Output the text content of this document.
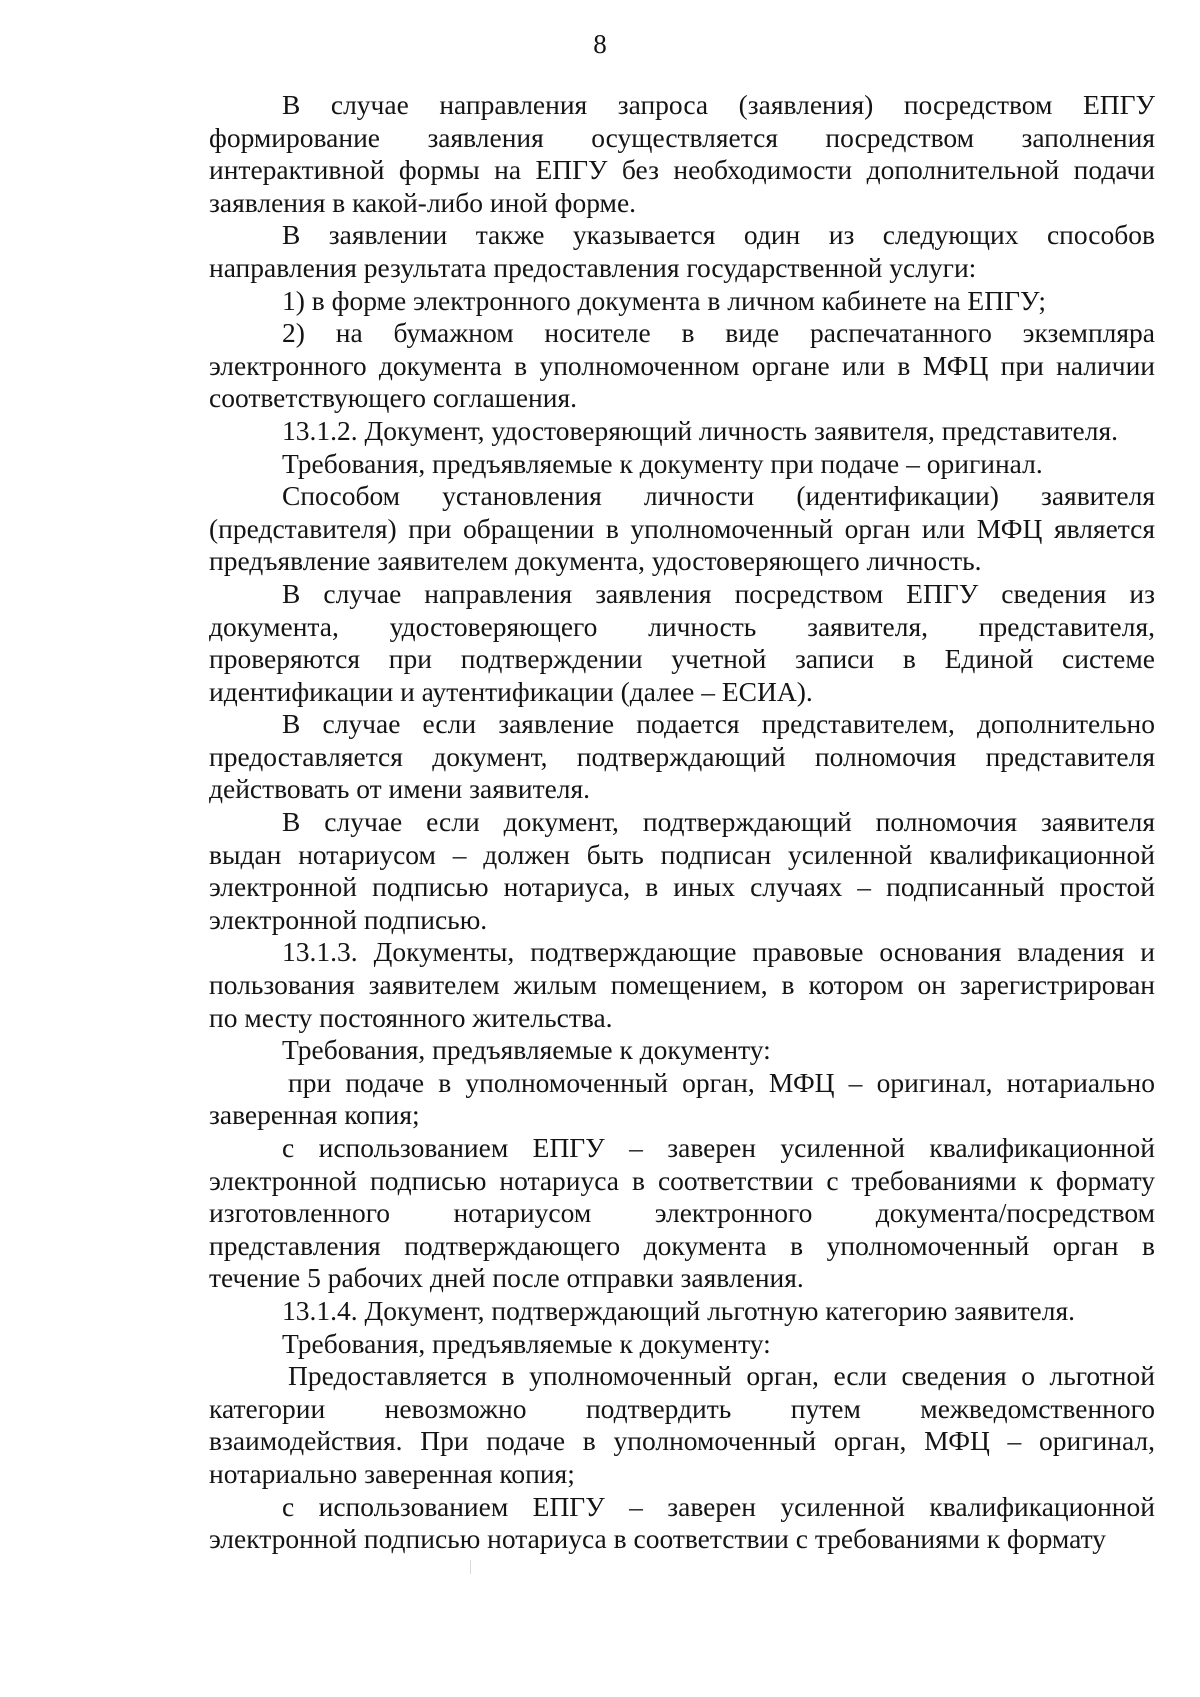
8
В случае направления запроса (заявления) посредством ЕПГУ
формирование заявления осуществляется посредством заполнения
интерактивной формы на ЕПГУ без необходимости дополнительной подачи
заявления в какой-либо иной форме.
В заявлении также указывается один из следующих способов
направления результата предоставления государственной услуги:
1) в форме электронного документа в личном кабинете на ЕПГУ;
2) на бумажном носителе в виде распечатанного экземпляра
электронного документа в уполномоченном органе или в МФЦ при наличии
соответствующего соглашения.
13.1.2. Документ, удостоверяющий личность заявителя, представителя.
Требования, предъявляемые к документу при подаче – оригинал.
Способом установления личности (идентификации) заявителя
(представителя) при обращении в уполномоченный орган или МФЦ является
предъявление заявителем документа, удостоверяющего личность.
В случае направления заявления посредством ЕПГУ сведения из
документа, удостоверяющего личность заявителя, представителя,
проверяются при подтверждении учетной записи в Единой системе
идентификации и аутентификации (далее – ЕСИА).
В случае если заявление подается представителем, дополнительно
предоставляется документ, подтверждающий полномочия представителя
действовать от имени заявителя.
В случае если документ, подтверждающий полномочия заявителя
выдан нотариусом – должен быть подписан усиленной квалификационной
электронной подписью нотариуса, в иных случаях – подписанный простой
электронной подписью.
13.1.3. Документы, подтверждающие правовые основания владения и
пользования заявителем жилым помещением, в котором он зарегистрирован
по месту постоянного жительства.
Требования, предъявляемые к документу:
при подаче в уполномоченный орган, МФЦ – оригинал, нотариально
заверенная копия;
с использованием ЕПГУ – заверен усиленной квалификационной
электронной подписью нотариуса в соответствии с требованиями к формату
изготовленного нотариусом электронного документа/посредством
представления подтверждающего документа в уполномоченный орган в
течение 5 рабочих дней после отправки заявления.
13.1.4. Документ, подтверждающий льготную категорию заявителя.
Требования, предъявляемые к документу:
Предоставляется в уполномоченный орган, если сведения о льготной
категории невозможно подтвердить путем межведомственного
взаимодействия. При подаче в уполномоченный орган, МФЦ – оригинал,
нотариально заверенная копия;
с использованием ЕПГУ – заверен усиленной квалификационной
электронной подписью нотариуса в соответствии с требованиями к формату
